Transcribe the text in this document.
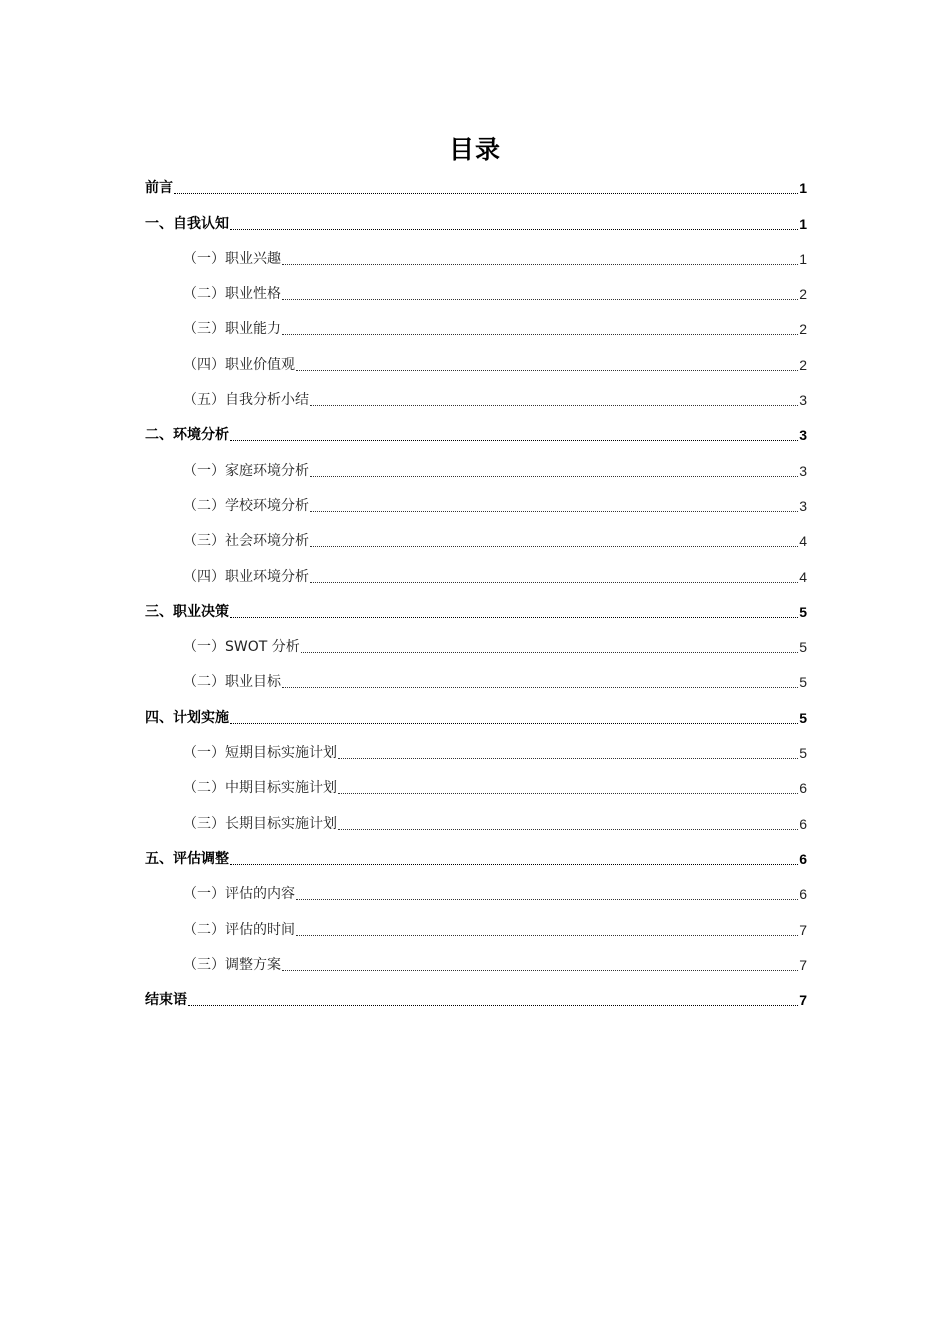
目录
前言	1
一、自我认知	1
（一）职业兴趣	1
（二）职业性格	2
（三）职业能力	2
（四）职业价值观	2
（五）自我分析小结	3
二、环境分析	3
（一）家庭环境分析	3
（二）学校环境分析	3
（三）社会环境分析	4
（四）职业环境分析	4
三、职业决策	5
（一）SWOT 分析	5
（二）职业目标	5
四、计划实施	5
（一）短期目标实施计划	5
（二）中期目标实施计划	6
（三）长期目标实施计划	6
五、评估调整	6
（一）评估的内容	6
（二）评估的时间	7
（三）调整方案	7
结束语	7
